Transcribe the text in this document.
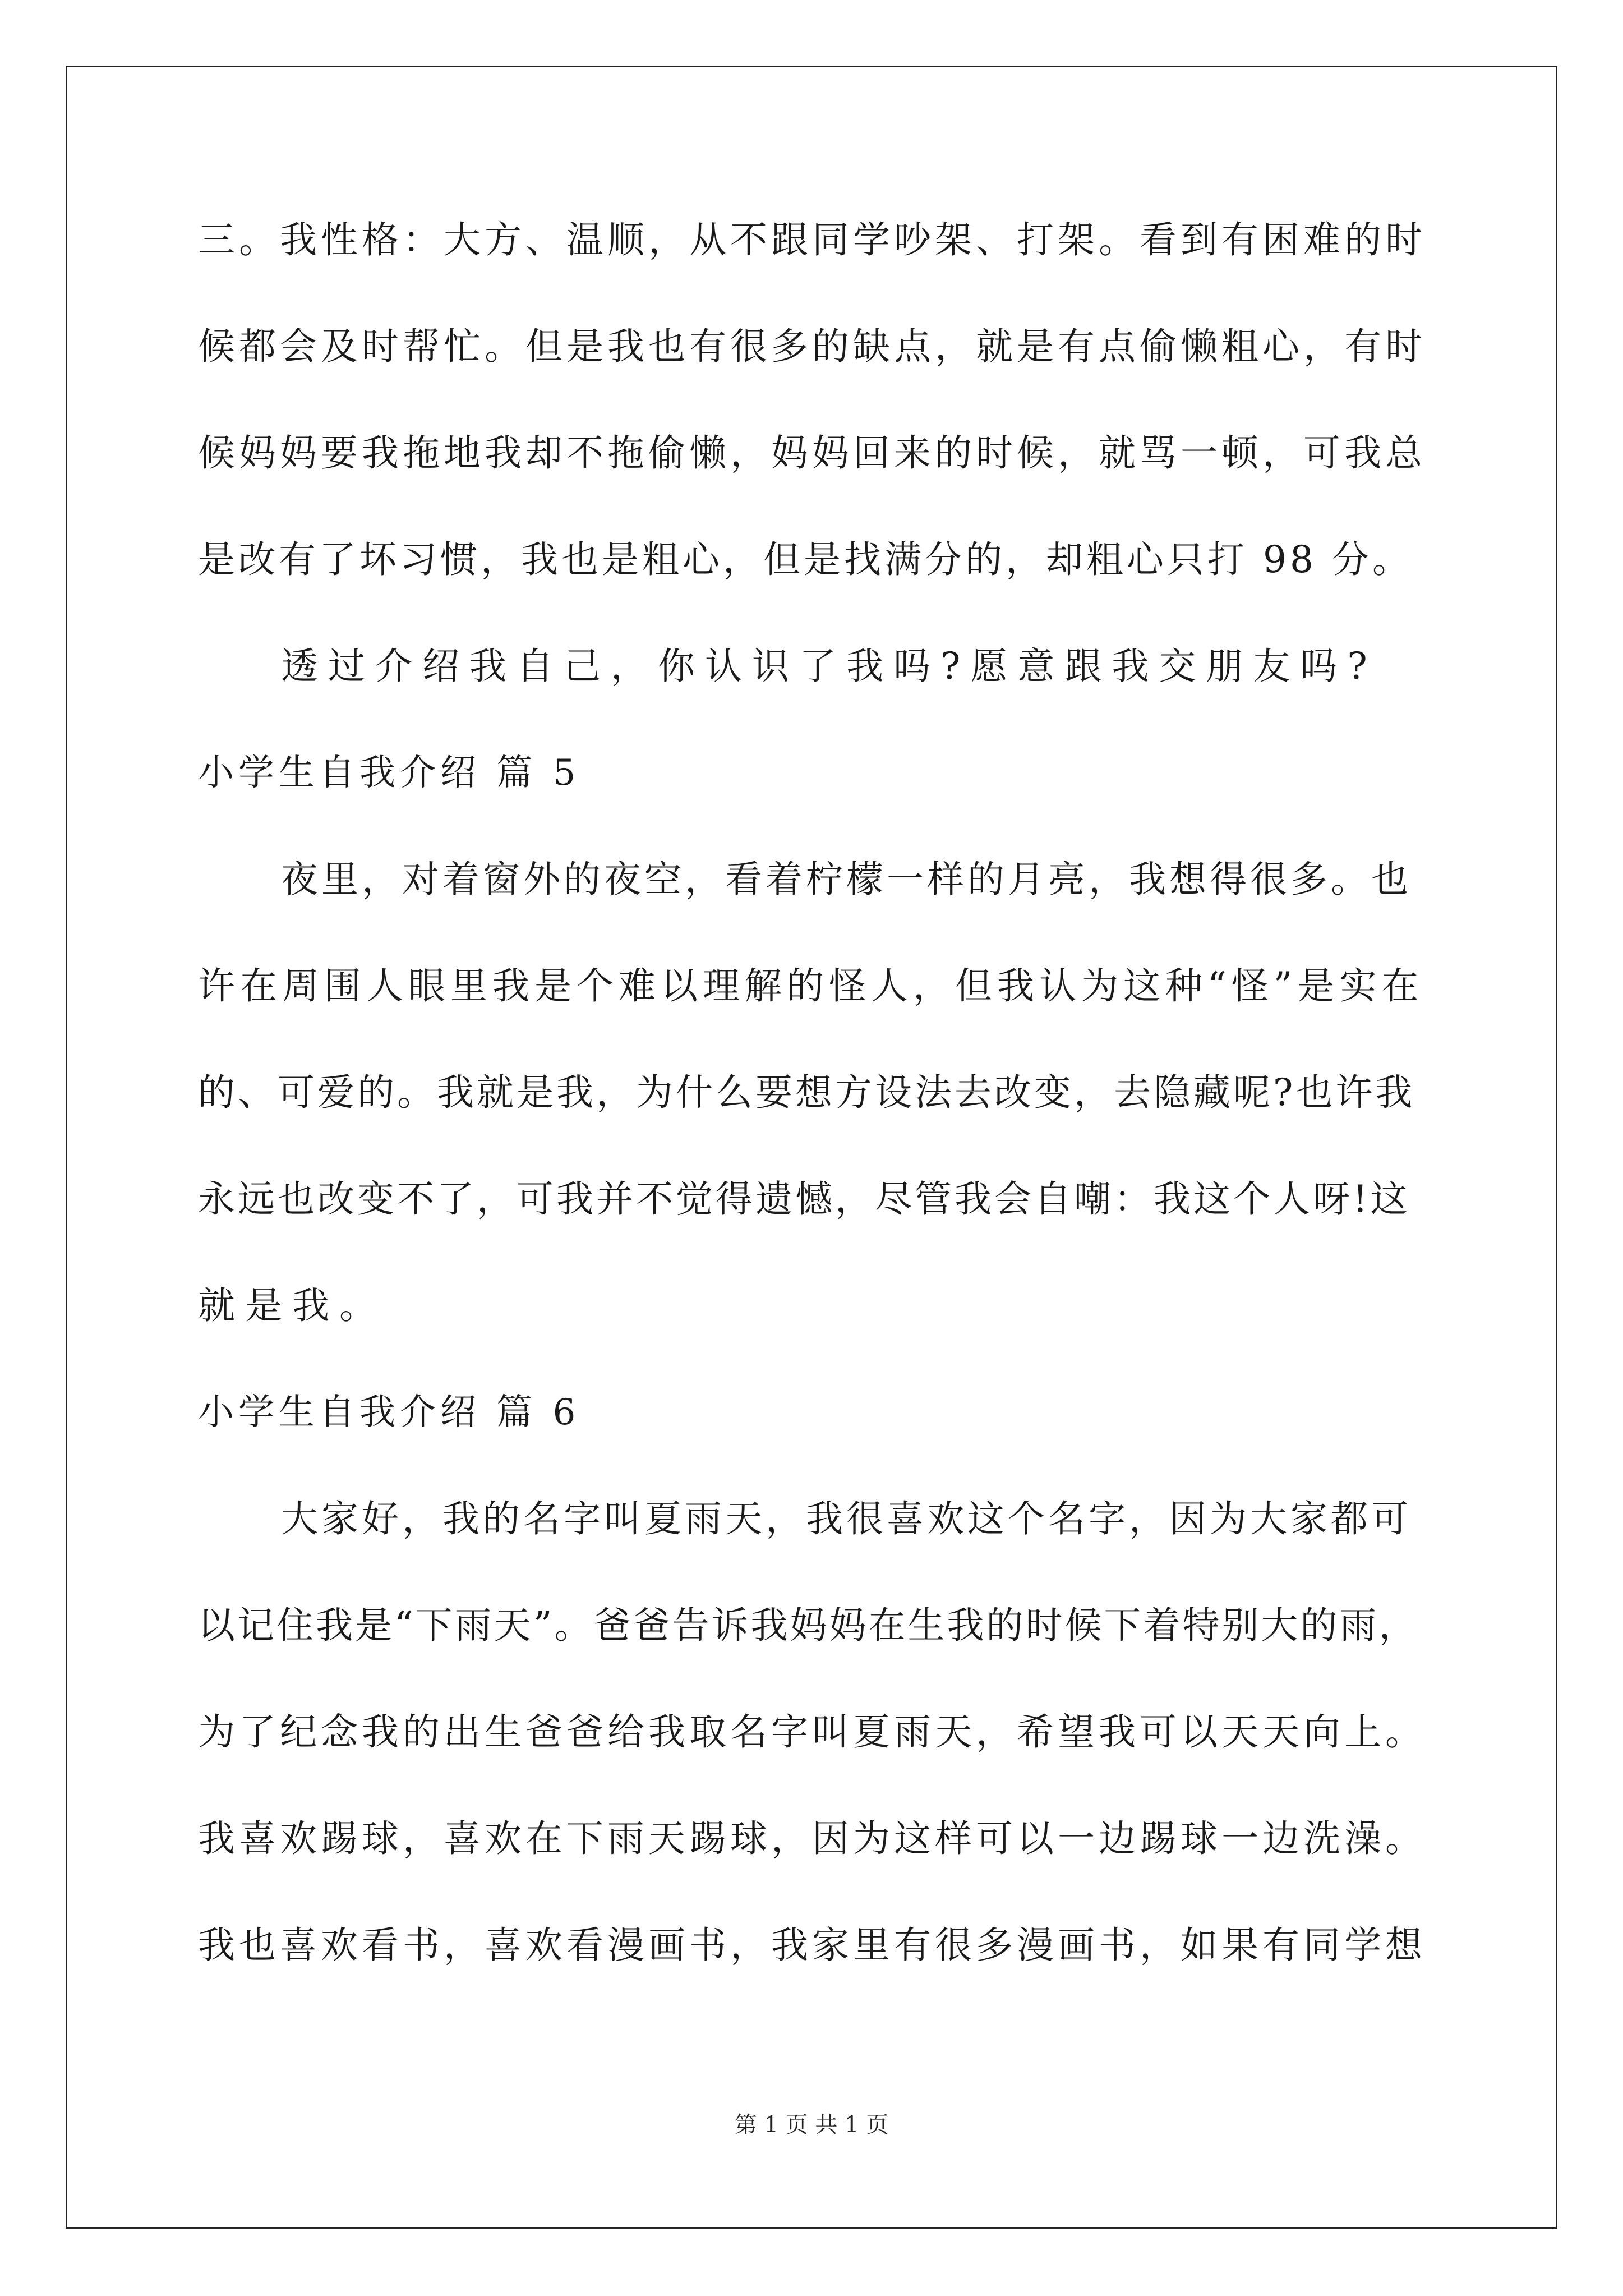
三。我性格：大方、温顺，从不跟同学吵架、打架。看到有困难的时
候都会及时帮忙。但是我也有很多的缺点，就是有点偷懒粗心，有时
候妈妈要我拖地我却不拖偷懒，妈妈回来的时候，就骂一顿，可我总
是改有了坏习惯，我也是粗心，但是找满分的，却粗心只打 98 分。
透过介绍我自己，你认识了我吗?愿意跟我交朋友吗?
小学生自我介绍 篇 5
夜里，对着窗外的夜空，看着柠檬一样的月亮，我想得很多。也
许在周围人眼里我是个难以理解的怪人，但我认为这种“怪”是实在
的、可爱的。我就是我，为什么要想方设法去改变，去隐藏呢?也许我
永远也改变不了，可我并不觉得遗憾，尽管我会自嘲：我这个人呀!这
就是我。
小学生自我介绍 篇 6
大家好，我的名字叫夏雨天，我很喜欢这个名字，因为大家都可
以记住我是“下雨天”。爸爸告诉我妈妈在生我的时候下着特别大的雨，
为了纪念我的出生爸爸给我取名字叫夏雨天，希望我可以天天向上。
我喜欢踢球，喜欢在下雨天踢球，因为这样可以一边踢球一边洗澡。
我也喜欢看书，喜欢看漫画书，我家里有很多漫画书，如果有同学想
第 1 页 共 1 页
